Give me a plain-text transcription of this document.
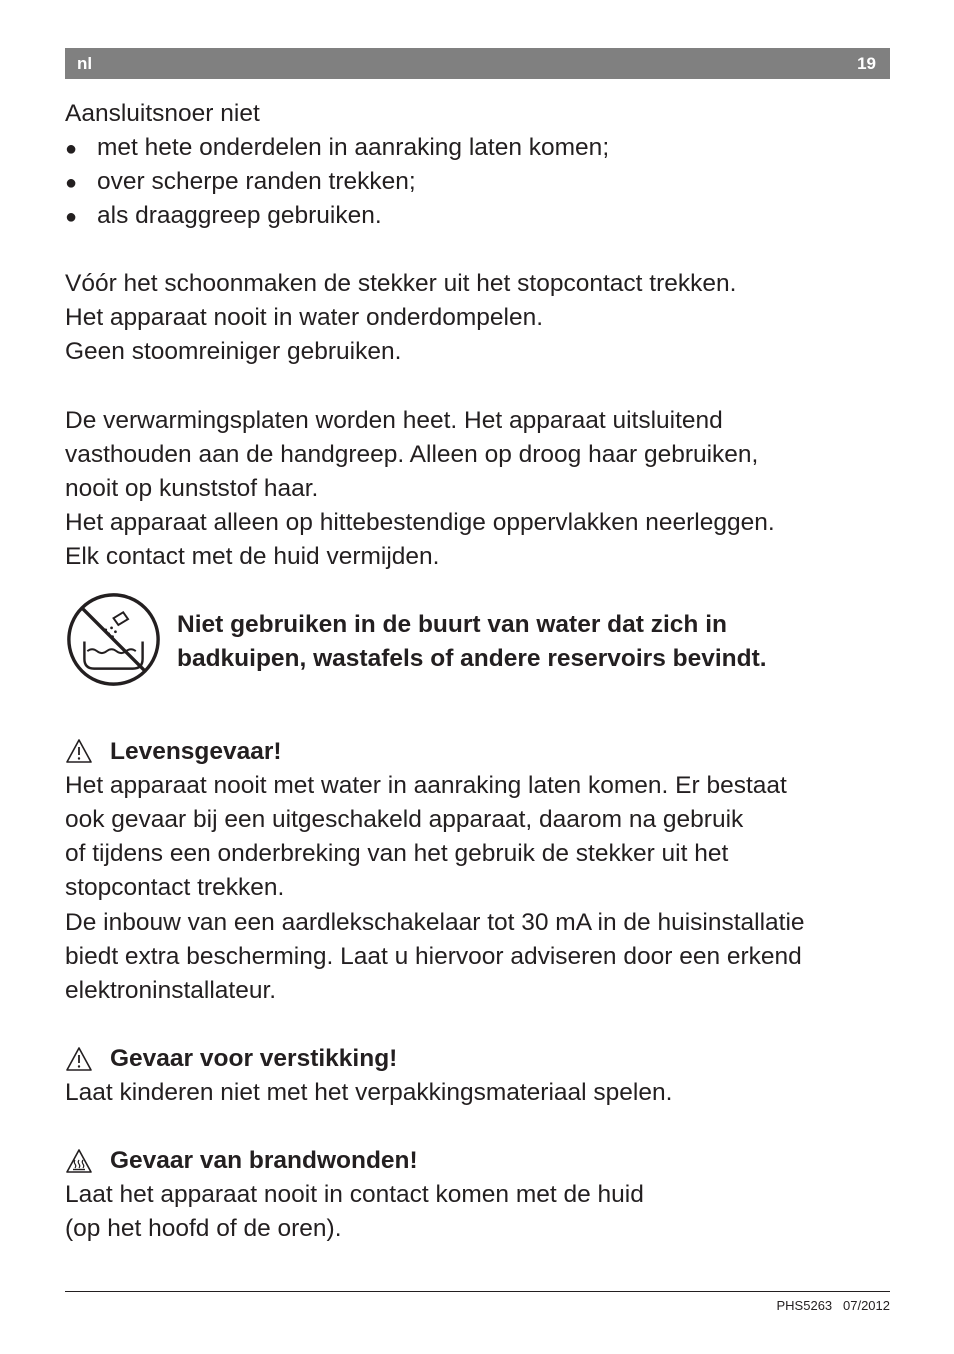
nl	19
Aansluitsnoer niet
● met hete onderdelen in aanraking laten komen;
● over scherpe randen trekken;
● als draaggreep gebruiken.
Vóór het schoonmaken de stekker uit het stopcontact trekken.
Het apparaat nooit in water onderdompelen.
Geen stoomreiniger gebruiken.
De verwarmingsplaten worden heet. Het apparaat uitsluitend
vasthouden aan de handgreep. Alleen op droog haar gebruiken,
nooit op kunststof haar.
Het apparaat alleen op hittebestendige oppervlakken neerleggen.
Elk contact met de huid vermijden.
Niet gebruiken in de buurt van water dat zich in
badkuipen, wastafels of andere reservoirs bevindt.
Levensgevaar!
Het apparaat nooit met water in aanraking laten komen. Er bestaat
ook gevaar bij een uitgeschakeld apparaat, daarom na gebruik
of tijdens een onderbreking van het gebruik de stekker uit het
stopcontact trekken.
De inbouw van een aardlekschakelaar tot 30 mA in de huisinstallatie
biedt extra bescherming. Laat u hiervoor adviseren door een erkend
elektroninstallateur.
Gevaar voor verstikking!
Laat kinderen niet met het verpakkingsmateriaal spelen.
Gevaar van brandwonden!
Laat het apparaat nooit in contact komen met de huid
(op het hoofd of de oren).
PHS5263 07/2012
